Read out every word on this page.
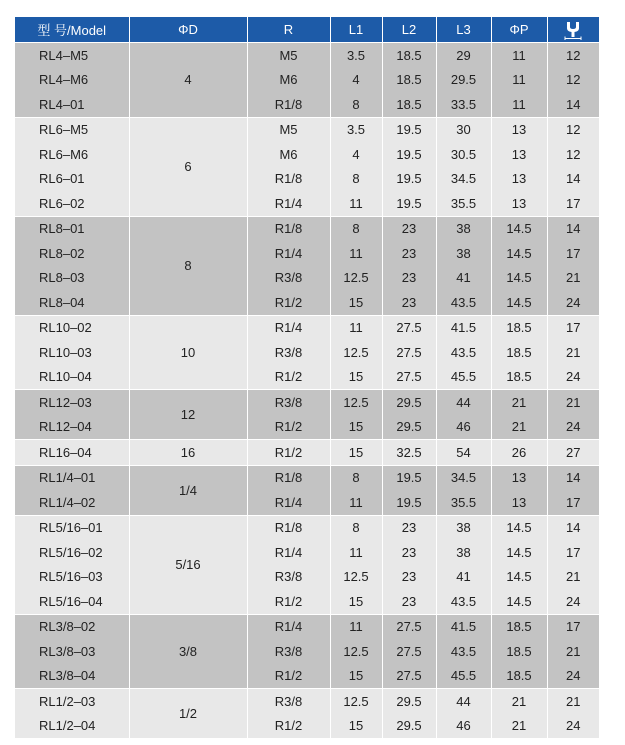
型 号/Model	ΦD	R	L1	L2	L3	ΦP	
RL4–M5	4	M5	3.5	18.5	29	11	12
RL4–M6		M6	4	18.5	29.5	11	12
RL4–01		R1/8	8	18.5	33.5	11	14
RL6–M5	6	M5	3.5	19.5	30	13	12
RL6–M6		M6	4	19.5	30.5	13	12
RL6–01		R1/8	8	19.5	34.5	13	14
RL6–02		R1/4	11	19.5	35.5	13	17
RL8–01	8	R1/8	8	23	38	14.5	14
RL8–02		R1/4	11	23	38	14.5	17
RL8–03		R3/8	12.5	23	41	14.5	21
RL8–04		R1/2	15	23	43.5	14.5	24
RL10–02	10	R1/4	11	27.5	41.5	18.5	17
RL10–03		R3/8	12.5	27.5	43.5	18.5	21
RL10–04		R1/2	15	27.5	45.5	18.5	24
RL12–03	12	R3/8	12.5	29.5	44	21	21
RL12–04		R1/2	15	29.5	46	21	24
RL16–04	16	R1/2	15	32.5	54	26	27
RL1/4–01	1/4	R1/8	8	19.5	34.5	13	14
RL1/4–02		R1/4	11	19.5	35.5	13	17
RL5/16–01	5/16	R1/8	8	23	38	14.5	14
RL5/16–02		R1/4	11	23	38	14.5	17
RL5/16–03		R3/8	12.5	23	41	14.5	21
RL5/16–04		R1/2	15	23	43.5	14.5	24
RL3/8–02	3/8	R1/4	11	27.5	41.5	18.5	17
RL3/8–03		R3/8	12.5	27.5	43.5	18.5	21
RL3/8–04		R1/2	15	27.5	45.5	18.5	24
RL1/2–03	1/2	R3/8	12.5	29.5	44	21	21
RL1/2–04		R1/2	15	29.5	46	21	24
